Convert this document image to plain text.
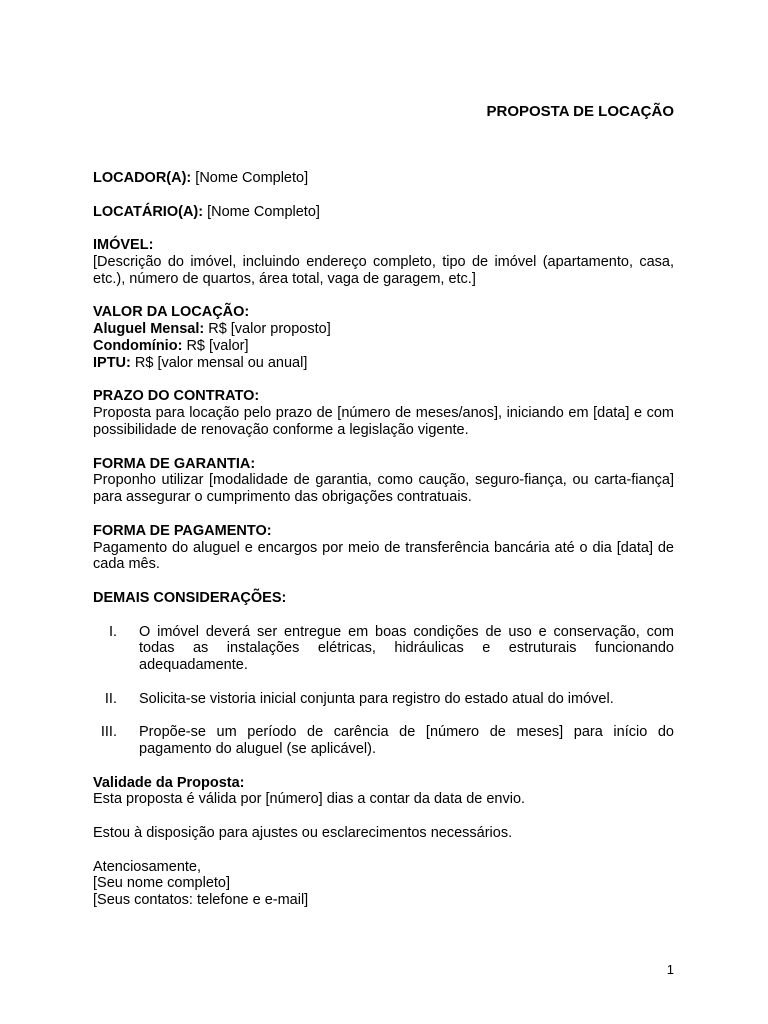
PROPOSTA DE LOCAÇÃO

LOCADOR(A): [Nome Completo]

LOCATÁRIO(A): [Nome Completo]

IMÓVEL:

[Descrição do imóvel, incluindo endereço completo, tipo de imóvel (apartamento, casa, etc.), número de quartos, área total, vaga de garagem, etc.]

VALOR DA LOCAÇÃO:

Aluguel Mensal: R$ [valor proposto]

Condomínio: R$ [valor]

IPTU: R$ [valor mensal ou anual]

PRAZO DO CONTRATO:

Proposta para locação pelo prazo de [número de meses/anos], iniciando em [data] e com possibilidade de renovação conforme a legislação vigente.

FORMA DE GARANTIA:

Proponho utilizar [modalidade de garantia, como caução, seguro-fiança, ou carta-fiança] para assegurar o cumprimento das obrigações contratuais.

FORMA DE PAGAMENTO:

Pagamento do aluguel e encargos por meio de transferência bancária até o dia [data] de cada mês.

DEMAIS CONSIDERAÇÕES:

I. O imóvel deverá ser entregue em boas condições de uso e conservação, com todas as instalações elétricas, hidráulicas e estruturais funcionando adequadamente.
II. Solicita-se vistoria inicial conjunta para registro do estado atual do imóvel.
III. Propõe-se um período de carência de [número de meses] para início do pagamento do aluguel (se aplicável).

Validade da Proposta:

Esta proposta é válida por [número] dias a contar da data de envio.

Estou à disposição para ajustes ou esclarecimentos necessários.

Atenciosamente,

[Seu nome completo]

[Seus contatos: telefone e e-mail]

1
